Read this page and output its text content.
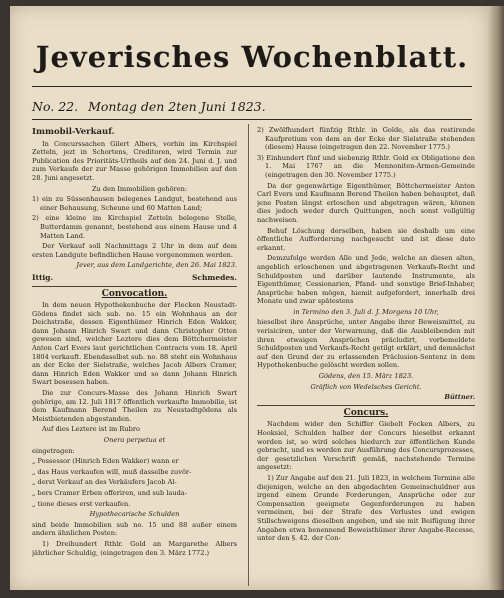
Jeverisches Wochenblatt.
No. 22. Montag den 2ten Juni 1823.
Immobil-Verkauf.

In Concurssachen Gilert Albers, vorhin im Kirchspiel Zetteln, jezt in Schortens, Creditoren, wird Termin zur Publication des Prioritäts-Urtheils auf den 24. Juni d. J. und zum Verkaufe der zur Masse gehörigen Immobilien auf den 28. Juni angesetzt.

Zu den Immobilien gehören:

1) ein zu Süssenhausen belegenes Landgut, bestehend aus einer Behausung, Scheune und 60 Matten Land;

2) eine kleine im Kirchspiel Zetteln belegene Stelle, Butterdamm genannt, bestehend aus einem Hause und 4 Matten Land.

Der Verkauf soll Nachmittags 2 Uhr in dem auf dem ersten Landgute befindlichen Hause vorgenommen werden.

Jever, aus dem Landgerichte, den 26. Mai 1823.
Ittig.	Schmedes.
Convocation.

In dem neuen Hypothekenbuche der Flecken Neustadt-Gödens findet sich sub. no. 15 ein Wohnhaus an der Deichstraße, dessen Eigenthümer Hinrich Eden Wakker, dann Johann Hinrich Swart und dann Christopher Otten gewesen sind, welcher Leztere dies dem Böttchermeister Anton Carl Evers laut gerichtlichen Contracts vom 18. April 1804 verkauft. Ebendaselbst sub. no. 88 steht ein Wohnhaus an der Ecke der Sielstraße, welches Jacob Albers Cramer, dann Hinrich Eden Wakker und so dann Johann Hinrich Swart besessen haben.

Die zur Concurs-Masse des Johann Hinrich Swart gehörige, am 12. Juli 1817 öffentlich verkaufte Immobilie, ist dem Kaufmann Berend Theilen zu Neustadtgödens als Meistbietenden abgestanden.

Auf dies Leztere ist im Rubro

Onera perpetua et

eingetragen:

„ Possessor (Hinrich Eden Wakker) wann er

„ das Haus verkaufen will, muß dasselbe zuvör-

„ derst Verkauf an des Verkäufers Jacob Al-

„ bers Cramer Erben offeriren, und sub lauda-

„ tione dieses erst verkaufen.

Hypothecarische Schulden

sind beide Immobilien sub no. 15 und 88 außer einem andern ähnlichen Posten:

1) Dreihundert Rthlr. Gold an Margarethe Albers jährlicher Schuldig, (eingetragen den 3. März 1772.)

2) Zwölfhundert fünfzig Rthlr. in Golde, als das restirende Kaufpretium von dem an der Ecke der Sielstraße stehenden (diesem) Hause (eingetragen den 22. November 1775.)

3) Einhundert fünf und siebenzig Rthlr. Gold ex Obligatione den 1. Mai 1767 an die Mennoniten-Armen-Gemeinde (eingetragen den 30. November 1775.)

Da der gegenwärtige Eigenthümer, Böttchermeister Anton Carl Evers und Kaufmann Berend Theilen haben behauptet, daß jene Posten längst erloschen und abgetragen wären, können dies jedoch weder durch Quittungen, noch sonst vollgültig nachweisen.

Behuf Löschung derselben, haben sie deshalb um eine öffentliche Aufforderung nachgesucht und ist diese dato erkannt.

Demzufolge werden Alle und Jede, welche an diesen alten, angeblich erloschenen und abgetragenen Verkaufs-Recht und Schuldposten und darüber lautende Instrumente, als Eigenthümer, Cessionarien, Pfand- und sonstige Brief-Inhaber, Ansprüche haben mögen, hiemit aufgefordert, innerhalb drei Monate und zwar spätestens

in Termino den 3. Juli d. J. Morgens 10 Uhr,

hieselbst ihre Ansprüche, unter Angabe ihrer Beweismittel, zu verisiciren, unter der Verwarnung, daß die Ausbleibenden mit ihren etwaigen Ansprüchen präcludirt, vorbemeldete Schuldposten und Verkaufs-Recht getilgt erklärt, und demnächst auf den Grund der zu erlassenden Präclusion-Sentenz in dem Hypothekenbuche gelöscht werden sollen.

Gödens, den 15. März 1823.
Gräflich von Wedelsches Gericht.
Büttner.
Concurs.

Nachdem wider den Schiffer Giebelt Focken Albers, zu Hooksiel, Schulden halber der Concurs hieselbst erkannt worden ist, so wird solches hiedurch zur öffentlichen Kunde gebracht, und es werden zur Ausführung des Concursprozesses, der gesetzlichen Vorschrift gemäß, nachstehende Termine angesetzt:

1) Zur Angabe auf den 21. Juli 1823, in welchem Termine alle diejenigen, welche an den abgedachten Gemeinschuldner aus irgend einem Grunde Forderungen, Ansprüche oder zur Compensation geeignete Gegenforderungen zu haben vermeinen, bei der Strafe des Verlustes und ewigen Stillschweigens dieselben angeben, und sie mit Beifügung ihrer Angaben etwa benennend Beweisthümer ihrer Angabe-Recesse, unter den §. 42. der Con-
